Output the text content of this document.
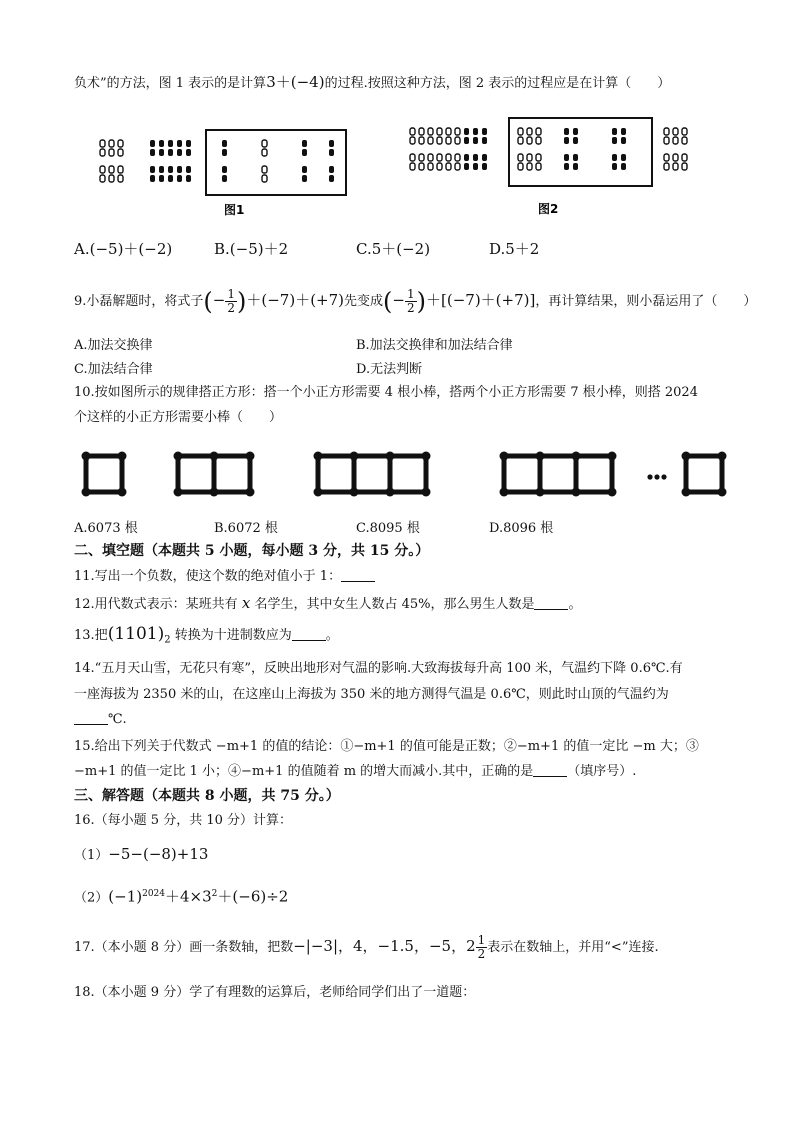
负术”的方法，图 1 表示的是计算3＋(−4)的过程.按照这种方法，图 2 表示的过程应是在计算（　　）
图1	图2
A.(−5)＋(−2)	B.(−5)＋2	C.5＋(−2)	D.5＋2
9.小磊解题时，将式子(− $\frac{1}{2} )+(-7)+(+7)$先变成(− $\frac{1}{2} )+[(-7)+(+7)]$，再计算结果，则小磊运用了（　　）
A.加法交换律	B.加法交换律和加法结合律
C.加法结合律	D.无法判断
10.按如图所示的规律搭正方形：搭一个小正方形需要 4 根小棒，搭两个小正方形需要 7 根小棒，则搭 2024
个这样的小正方形需要小棒（　　）
A.6073 根	B.6072 根	C.8095 根	D.8096 根
二、填空题（本题共 5 小题，每小题 3 分，共 15 分。）
11.写出一个负数，使这个数的绝对值小于 1：
12.用代数式表示：某班共有 x 名学生，其中女生人数占 45%，那么男生人数是	。
13.把$(1101)_2$ 转换为十进制数应为	。
14.“五月天山雪，无花只有寒”，反映出地形对气温的影响.大致海拔每升高 100 米，气温约下降 0.6℃.有
一座海拔为 2350 米的山，在这座山上海拔为 350 米的地方测得气温是 0.6℃，则此时山顶的气温约为
℃.
15.给出下列关于代数式 −m+1 的值的结论：①−m+1 的值可能是正数；②−m+1 的值一定比 −m 大；③
−m+1 的值一定比 1 小；④−m+1 的值随着 m 的增大而减小.其中，正确的是	（填序号）.
三、解答题（本题共 8 小题，共 75 分。）
16.（每小题 5 分，共 10 分）计算：
（1）−5−(−8)+13
$(2)(-1)^{2024}+4\times 3^2+(-6)\div 2$
17.（本小题 8 分）画一条数轴，把数−|−3|，4，−1.5，−5，$2 \frac{1}{2}$ 表示在数轴上，并用“<”连接.
18.（本小题 9 分）学了有理数的运算后，老师给同学们出了一道题：
